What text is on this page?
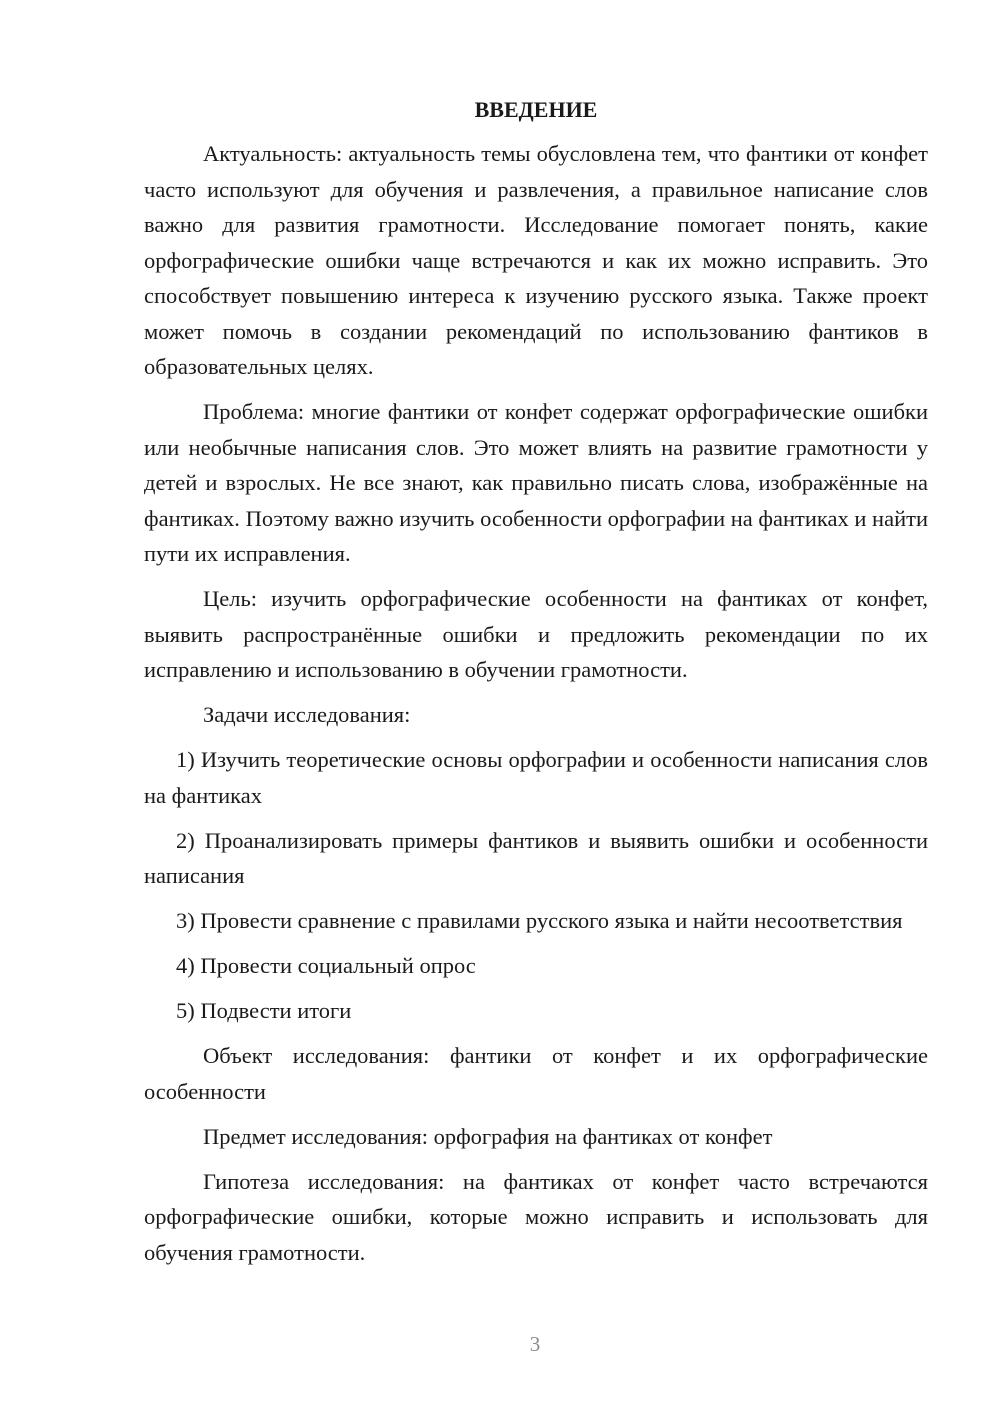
ВВЕДЕНИЕ

Актуальность: актуальность темы обусловлена тем, что фантики от конфет часто используют для обучения и развлечения, а правильное написание слов важно для развития грамотности. Исследование помогает понять, какие орфографические ошибки чаще встречаются и как их можно исправить. Это способствует повышению интереса к изучению русского языка. Также проект может помочь в создании рекомендаций по использованию фантиков в образовательных целях.

Проблема: многие фантики от конфет содержат орфографические ошибки или необычные написания слов. Это может влиять на развитие грамотности у детей и взрослых. Не все знают, как правильно писать слова, изображённые на фантиках. Поэтому важно изучить особенности орфографии на фантиках и найти пути их исправления.

Цель: изучить орфографические особенности на фантиках от конфет, выявить распространённые ошибки и предложить рекомендации по их исправлению и использованию в обучении грамотности.

Задачи исследования:

1) Изучить теоретические основы орфографии и особенности написания слов на фантиках

2) Проанализировать примеры фантиков и выявить ошибки и особенности написания

3) Провести сравнение с правилами русского языка и найти несоответствия

4) Провести социальный опрос

5) Подвести итоги

Объект исследования: фантики от конфет и их орфографические особенности

Предмет исследования: орфография на фантиках от конфет

Гипотеза исследования: на фантиках от конфет часто встречаются орфографические ошибки, которые можно исправить и использовать для обучения грамотности.

3
